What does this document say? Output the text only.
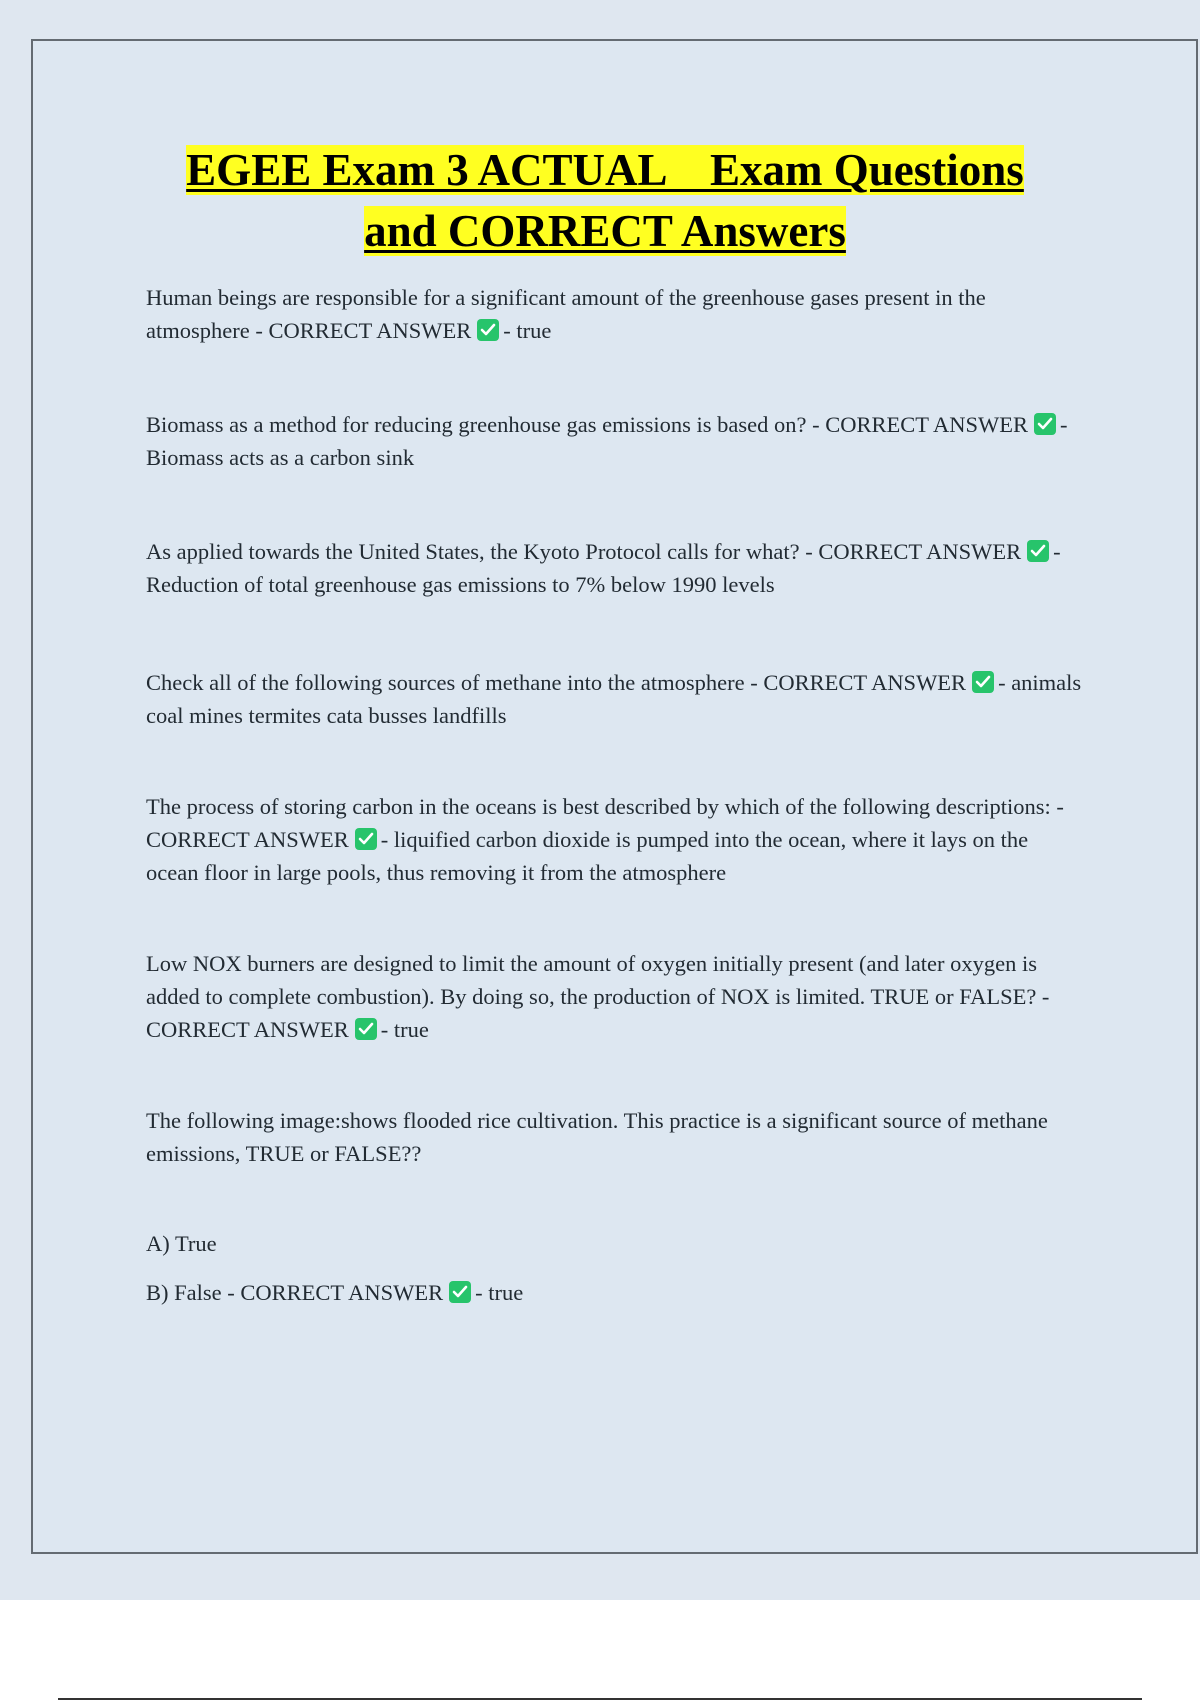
EGEE Exam 3 ACTUAL    Exam Questions
and CORRECT Answers
Human beings are responsible for a significant amount of the greenhouse gases present in the atmosphere - CORRECT ANSWER - true
Biomass as a method for reducing greenhouse gas emissions is based on? - CORRECT ANSWER - Biomass acts as a carbon sink
As applied towards the United States, the Kyoto Protocol calls for what? - CORRECT ANSWER - Reduction of total greenhouse gas emissions to 7% below 1990 levels
Check all of the following sources of methane into the atmosphere - CORRECT ANSWER - animals coal mines termites cata busses landfills
The process of storing carbon in the oceans is best described by which of the following descriptions: - CORRECT ANSWER - liquified carbon dioxide is pumped into the ocean, where it lays on the ocean floor in large pools, thus removing it from the atmosphere
Low NOX burners are designed to limit the amount of oxygen initially present (and later oxygen is added to complete combustion). By doing so, the production of NOX is limited. TRUE or FALSE? - CORRECT ANSWER - true
The following image:shows flooded rice cultivation. This practice is a significant source of methane emissions, TRUE or FALSE??
A) True
B) False - CORRECT ANSWER - true
